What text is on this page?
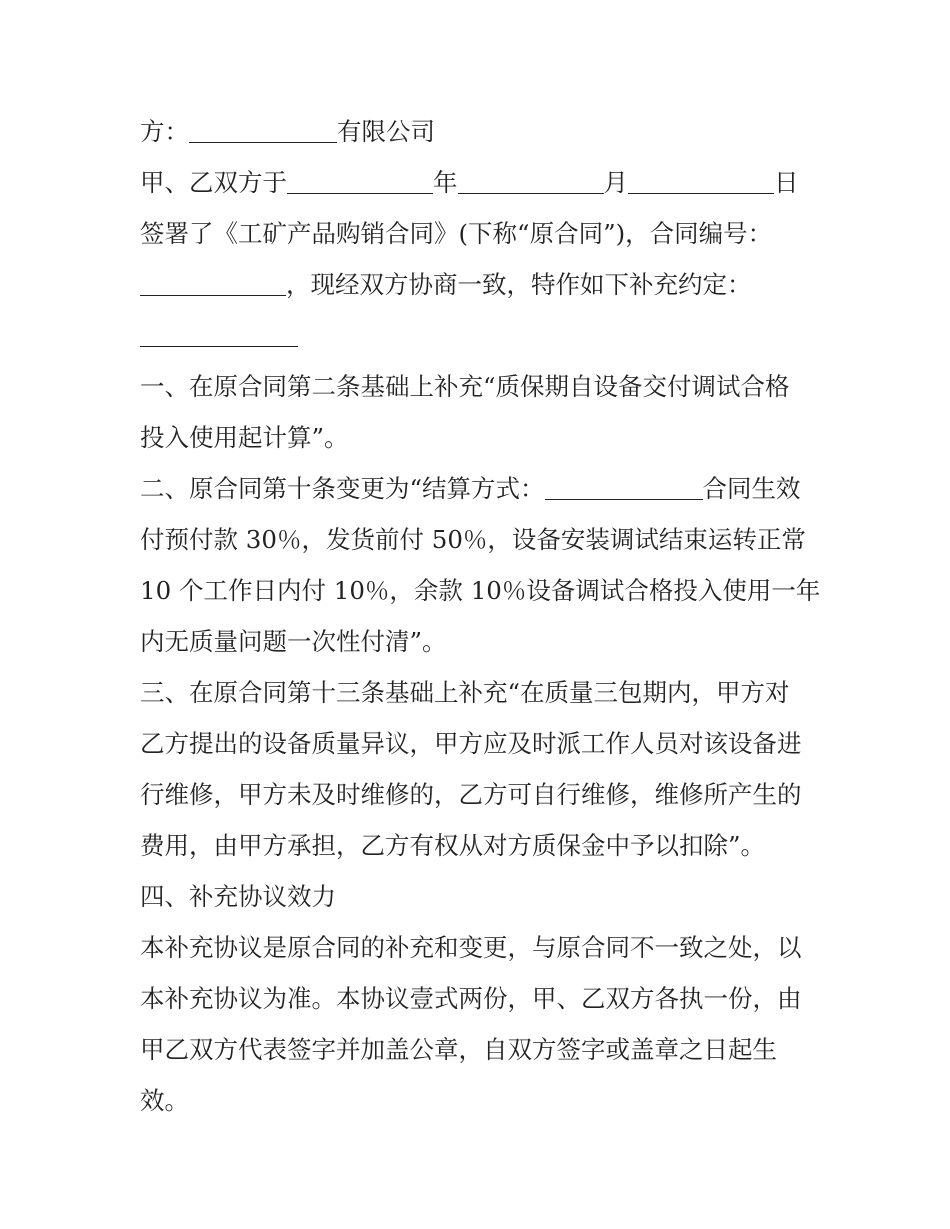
方：	有限公司
甲、乙双方于	年	月	日
签署了《工矿产品购销合同》(下称“原合同”)，合同编号：
，现经双方协商一致，特作如下补充约定：
一、在原合同第二条基础上补充“质保期自设备交付调试合格
投入使用起计算”。
二、原合同第十条变更为“结算方式：	合同生效
付预付款 30％，发货前付 50％，设备安装调试结束运转正常
10 个工作日内付 10％，余款 10％设备调试合格投入使用一年
内无质量问题一次性付清”。
三、在原合同第十三条基础上补充“在质量三包期内，甲方对
乙方提出的设备质量异议，甲方应及时派工作人员对该设备进
行维修，甲方未及时维修的，乙方可自行维修，维修所产生的
费用，由甲方承担，乙方有权从对方质保金中予以扣除”。
四、补充协议效力
本补充协议是原合同的补充和变更，与原合同不一致之处，以
本补充协议为准。本协议壹式两份，甲、乙双方各执一份，由
甲乙双方代表签字并加盖公章，自双方签字或盖章之日起生
效。
